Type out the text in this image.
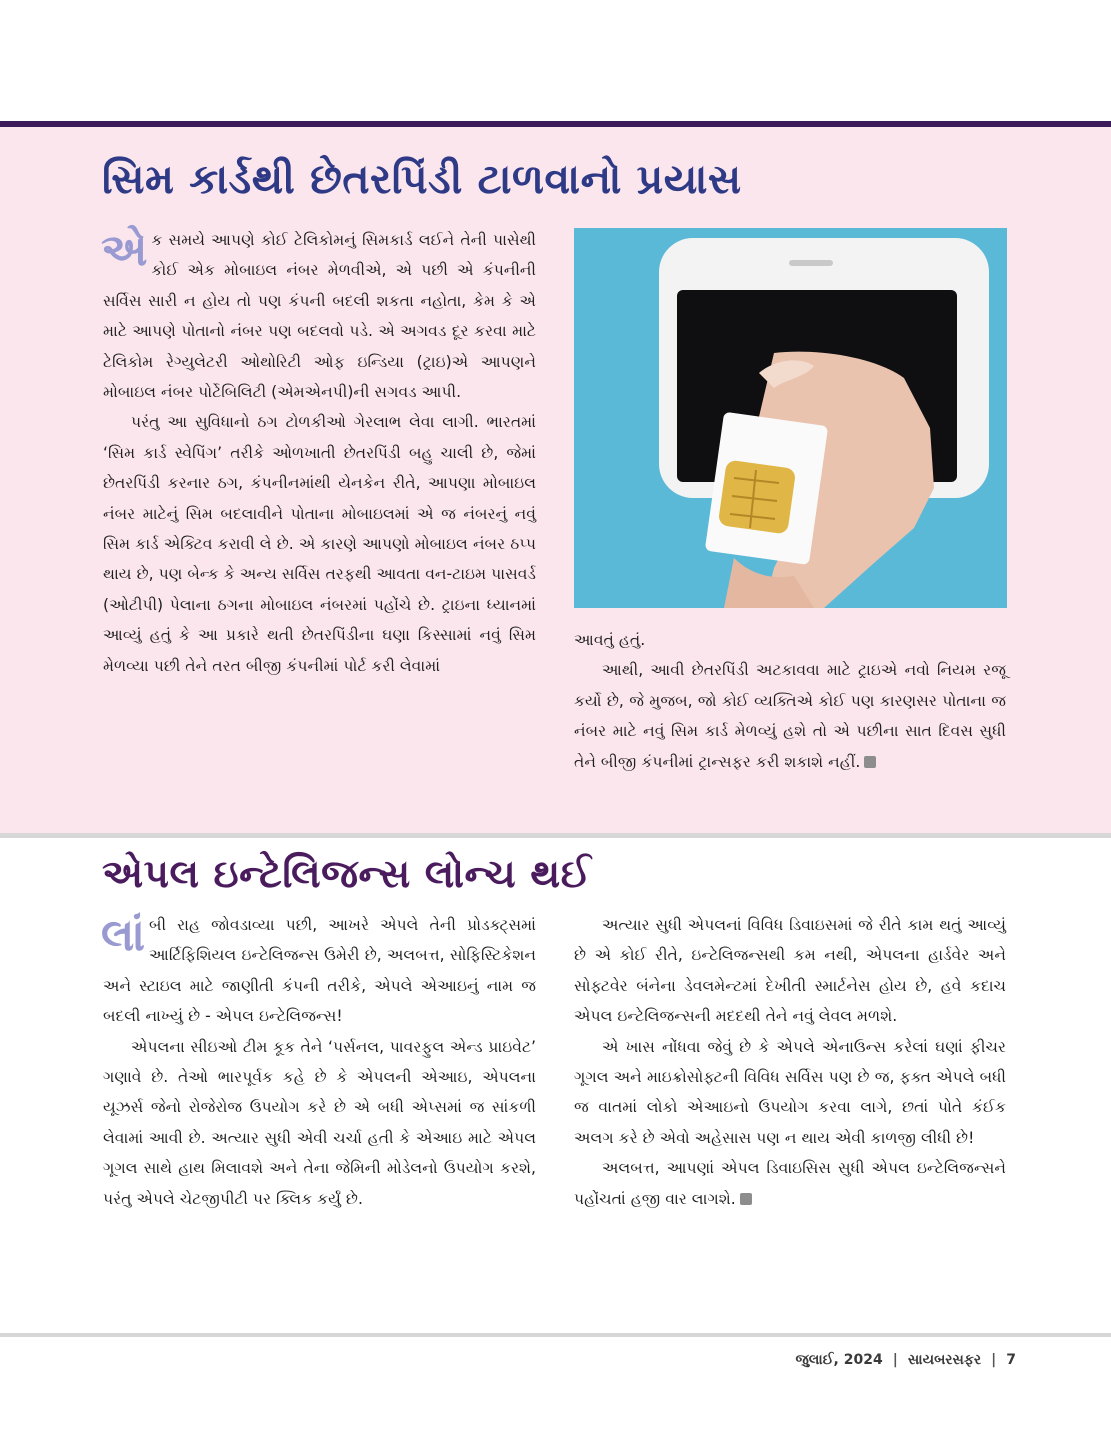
સિમ કાર્ડથી છેતરપિંડી ટાળવાનો પ્રયાસ

એક સમયે આપણે કોઈ ટેલિકોમનું સિમકાર્ડ લઈને તેની પાસેથી કોઈ એક મોબાઇલ નંબર મેળવીએ, એ પછી એ કંપનીની સર્વિસ સારી ન હોય તો પણ કંપની બદલી શકતા નહોતા, કેમ કે એ માટે આપણે પોતાનો નંબર પણ બદલવો પડે. એ અગવડ દૂર કરવા માટે ટેલિકોમ રેગ્યુલેટરી ઓથોરિટી ઓફ ઇન્ડિયા (ટ્રાઇ)એ આપણને મોબાઇલ નંબર પોર્ટેબિલિટી (એમએનપી)ની સગવડ આપી.

પરંતુ આ સુવિધાનો ઠગ ટોળકીઓ ગેરલાભ લેવા લાગી. ભારતમાં ‘સિમ કાર્ડ સ્વેપિંગ’ તરીકે ઓળખાતી છેતરપિંડી બહુ ચાલી છે, જેમાં છેતરપિંડી કરનાર ઠગ, કંપનીનમાંથી યેનકેન રીતે, આપણા મોબાઇલ નંબર માટેનું સિમ બદલાવીને પોતાના મોબાઇલમાં એ જ નંબરનું નવું સિમ કાર્ડ એક્ટિવ કરાવી લે છે. એ કારણે આપણો મોબાઇલ નંબર ઠપ્પ થાય છે, પણ બેન્ક કે અન્ય સર્વિસ તરફથી આવતા વન-ટાઇમ પાસવર્ડ (ઓટીપી) પેલાના ઠગના મોબાઇલ નંબરમાં પહોંચે છે. ટ્રાઇના ધ્યાનમાં આવ્યું હતું કે આ પ્રકારે થતી છેતરપિંડીના ઘણા કિસ્સામાં નવું સિમ મેળવ્યા પછી તેને તરત બીજી કંપનીમાં પોર્ટ કરી લેવામાં

આવતું હતું.

આથી, આવી છેતરપિંડી અટકાવવા માટે ટ્રાઇએ નવો નિયમ રજૂ કર્યો છે, જે મુજબ, જો કોઈ વ્યક્તિએ કોઈ પણ કારણસર પોતાના જ નંબર માટે નવું સિમ કાર્ડ મેળવ્યું હશે તો એ પછીના સાત દિવસ સુધી તેને બીજી કંપનીમાં ટ્રાન્સફર કરી શકાશે નહીં.

એપલ ઇન્ટેલિજન્સ લોન્ચ થઈ

લાંબી રાહ જોવડાવ્યા પછી, આખરે એપલે તેની પ્રોડક્ટ્સમાં આર્ટિફિશિયલ ઇન્ટેલિજન્સ ઉમેરી છે, અલબત્ત, સોફિસ્ટિકેશન અને સ્ટાઇલ માટે જાણીતી કંપની તરીકે, એપલે એઆઇનું નામ જ બદલી નાખ્યું છે - એપલ ઇન્ટેલિજન્સ!

એપલના સીઇઓ ટીમ કૂક તેને ‘પર્સનલ, પાવરફુલ એન્ડ પ્રાઇવેટ’ ગણાવે છે. તેઓ ભારપૂર્વક કહે છે કે એપલની એઆઇ, એપલના યૂઝર્સ જેનો રોજેરોજ ઉપયોગ કરે છે એ બધી એપ્સમાં જ સાંકળી લેવામાં આવી છે. અત્યાર સુધી એવી ચર્ચા હતી કે એઆઇ માટે એપલ ગૂગલ સાથે હાથ મિલાવશે અને તેના જેમિની મોડેલનો ઉપયોગ કરશે, પરંતુ એપલે ચેટજીપીટી પર ક્લિક કર્યું છે.

અત્યાર સુધી એપલનાં વિવિધ ડિવાઇસમાં જે રીતે કામ થતું આવ્યું છે એ કોઈ રીતે, ઇન્ટેલિજન્સથી કમ નથી, એપલના હાર્ડવેર અને સોફ્ટવેર બંનેના ડેવલમેન્ટમાં દેખીતી સ્માર્ટનેસ હોય છે, હવે કદાચ એપલ ઇન્ટેલિજન્સની મદદથી તેને નવું લેવલ મળશે.

એ ખાસ નોંધવા જેવું છે કે એપલે એનાઉન્સ કરેલાં ઘણાં ફીચર ગૂગલ અને માઇક્રોસોફ્ટની વિવિધ સર્વિસ પણ છે જ, ફક્ત એપલે બધી જ વાતમાં લોકો એઆઇનો ઉપયોગ કરવા લાગે, છતાં પોતે કંઈક અલગ કરે છે એવો અહેસાસ પણ ન થાય એવી કાળજી લીધી છે!

અલબત્ત, આપણાં એપલ ડિવાઇસિસ સુધી એપલ ઇન્ટેલિજન્સને પહોંચતાં હજી વાર લાગશે.

જુલાઈ, 2024 | સાયબરસફર | 7
